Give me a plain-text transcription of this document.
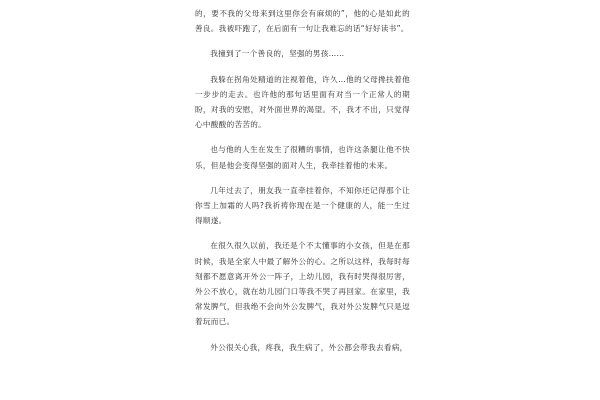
的，要不我的父母来到这里你会有麻烦的”，他的心是如此的善良。我被吓跑了，在后面有一句让我难忘的话“好好读书”。

我撞到了一个善良的，坚强的男孩……

我躲在拐角处精道的注视着他，许久…他的父母搀扶着他一步步的走去。也许他的那句话里面有对当一个正常人的期盼，对我的安慰，对外面世界的渴望。不，我才不出，只觉得心中酸酸的苦苦的。

也与他的人生在发生了很糟的事情，也许这条腿让他不快乐，但是他会变得坚强的面对人生，我牵挂着他的未来。

几年过去了，朋友我一直牵挂着你，不知你还记得那个让你雪上加霜的人吗?我祈祷你现在是一个健康的人，能一生过得顺遂。

在很久很久以前，我还是个不太懂事的小女孩，但是在那时候，我是全家人中最了解外公的心。之所以这样，我每时每刻都不愿意离开外公一阵子，上幼儿园，我有时哭得很厉害，外公不放心，就在幼儿园门口等我不哭了再回家。在家里，我常发脾气，但我绝不会向外公发脾气，我对外公发脾气只是逗着玩而已。

外公很关心我，疼我，我生病了，外公都会带我去看病，
